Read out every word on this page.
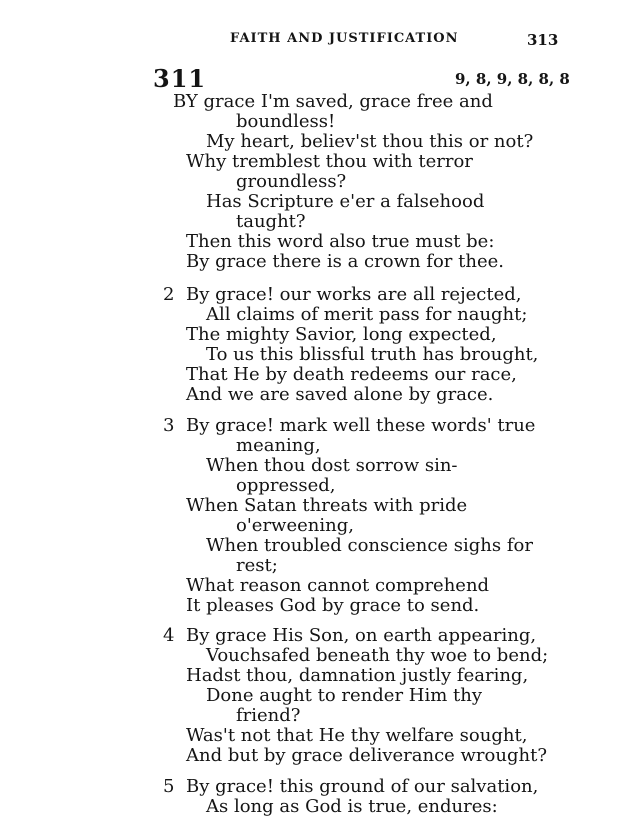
FAITH AND JUSTIFICATION	313
311	9, 8, 9, 8, 8, 8
BY grace I'm saved, grace free and
boundless!
My heart, believ'st thou this or not?
Why tremblest thou with terror
groundless?
Has Scripture e'er a falsehood
taught?
Then this word also true must be:
By grace there is a crown for thee.
2 By grace! our works are all rejected,
All claims of merit pass for naught;
The mighty Savior, long expected,
To us this blissful truth has brought,
That He by death redeems our race,
And we are saved alone by grace.
3 By grace! mark well these words' true
meaning,
When thou dost sorrow sin-
oppressed,
When Satan threats with pride
o'erweening,
When troubled conscience sighs for
rest;
What reason cannot comprehend
It pleases God by grace to send.
4 By grace His Son, on earth appearing,
Vouchsafed beneath thy woe to bend;
Hadst thou, damnation justly fearing,
Done aught to render Him thy
friend?
Was't not that He thy welfare sought,
And but by grace deliverance wrought?
5 By grace! this ground of our salvation,
As long as God is true, endures:
